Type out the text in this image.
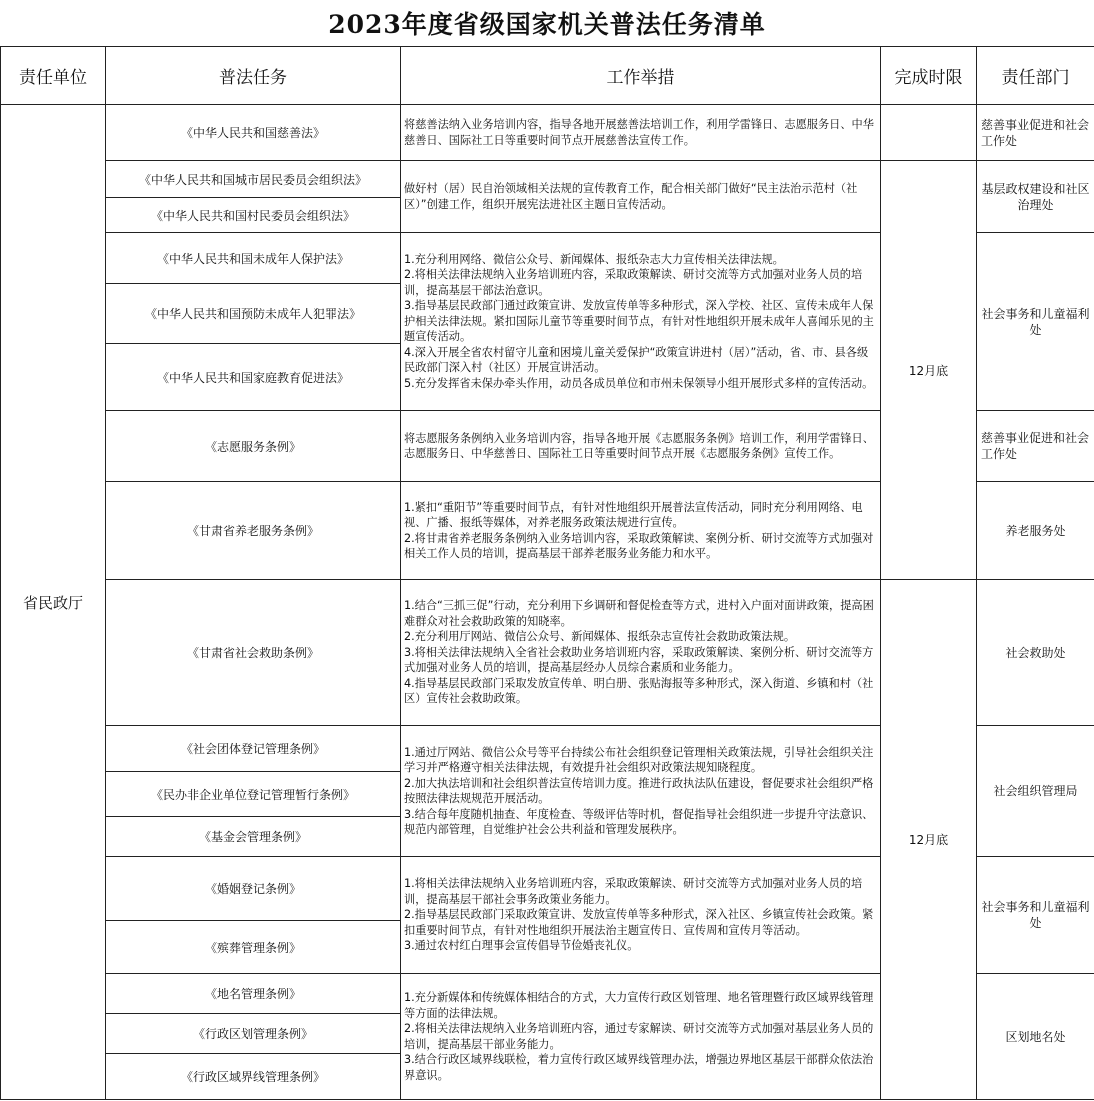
2023年度省级国家机关普法任务清单
责任单位	普法任务	工作举措	完成时限	责任部门
省民政厅	《中华人民共和国慈善法》	将慈善法纳入业务培训内容，指导各地开展慈善法培训工作，利用学雷锋日、志愿服务日、中华慈善日、国际社工日等重要时间节点开展慈善法宣传工作。		慈善事业促进和社会工作处
	《中华人民共和国城市居民委员会组织法》	做好村（居）民自治领域相关法规的宣传教育工作，配合相关部门做好“民主法治示范村（社区）”创建工作，组织开展宪法进社区主题日宣传活动。	12月底	基层政权建设和社区治理处
	《中华人民共和国村民委员会组织法》			
	《中华人民共和国未成年人保护法》	1.充分利用网络、微信公众号、新闻媒体、报纸杂志大力宣传相关法律法规。
2.将相关法律法规纳入业务培训班内容，采取政策解读、研讨交流等方式加强对业务人员的培训，提高基层干部法治意识。
3.指导基层民政部门通过政策宣讲、发放宣传单等多种形式，深入学校、社区、宣传未成年人保护相关法律法规。紧扣国际儿童节等重要时间节点，有针对性地组织开展未成年人喜闻乐见的主题宣传活动。
4.深入开展全省农村留守儿童和困境儿童关爱保护“政策宣讲进村（居）”活动，省、市、县各级民政部门深入村（社区）开展宣讲活动。
5.充分发挥省未保办牵头作用，动员各成员单位和市州未保领导小组开展形式多样的宣传活动。		社会事务和儿童福利处
	《中华人民共和国预防未成年人犯罪法》			
	《中华人民共和国家庭教育促进法》			
	《志愿服务条例》	将志愿服务条例纳入业务培训内容，指导各地开展《志愿服务条例》培训工作，利用学雷锋日、志愿服务日、中华慈善日、国际社工日等重要时间节点开展《志愿服务条例》宣传工作。		慈善事业促进和社会工作处
	《甘肃省养老服务条例》	1.紧扣“重阳节”等重要时间节点，有针对性地组织开展普法宣传活动，同时充分利用网络、电视、广播、报纸等媒体，对养老服务政策法规进行宣传。
2.将甘肃省养老服务条例纳入业务培训内容，采取政策解读、案例分析、研讨交流等方式加强对相关工作人员的培训，提高基层干部养老服务业务能力和水平。		养老服务处
	《甘肃省社会救助条例》	1.结合“三抓三促”行动，充分利用下乡调研和督促检查等方式，进村入户面对面讲政策，提高困难群众对社会救助政策的知晓率。
2.充分利用厅网站、微信公众号、新闻媒体、报纸杂志宣传社会救助政策法规。
3.将相关法律法规纳入全省社会救助业务培训班内容，采取政策解读、案例分析、研讨交流等方式加强对业务人员的培训，提高基层经办人员综合素质和业务能力。
4.指导基层民政部门采取发放宣传单、明白册、张贴海报等多种形式，深入街道、乡镇和村（社区）宣传社会救助政策。	12月底	社会救助处
	《社会团体登记管理条例》	1.通过厅网站、微信公众号等平台持续公布社会组织登记管理相关政策法规，引导社会组织关注学习并严格遵守相关法律法规，有效提升社会组织对政策法规知晓程度。
2.加大执法培训和社会组织普法宣传培训力度。推进行政执法队伍建设，督促要求社会组织严格按照法律法规规范开展活动。
3.结合每年度随机抽查、年度检查、等级评估等时机，督促指导社会组织进一步提升守法意识、规范内部管理，自觉维护社会公共利益和管理发展秩序。		社会组织管理局
	《民办非企业单位登记管理暂行条例》			
	《基金会管理条例》			
	《婚姻登记条例》	1.将相关法律法规纳入业务培训班内容，采取政策解读、研讨交流等方式加强对业务人员的培训，提高基层干部社会事务政策业务能力。
2.指导基层民政部门采取政策宣讲、发放宣传单等多种形式，深入社区、乡镇宣传社会政策。紧扣重要时间节点，有针对性地组织开展法治主题宣传日、宣传周和宣传月等活动。
3.通过农村红白理事会宣传倡导节俭婚丧礼仪。		社会事务和儿童福利处
	《殡葬管理条例》			
	《地名管理条例》	1.充分新媒体和传统媒体相结合的方式，大力宣传行政区划管理、地名管理暨行政区域界线管理等方面的法律法规。
2.将相关法律法规纳入业务培训班内容，通过专家解读、研讨交流等方式加强对基层业务人员的培训，提高基层干部业务能力。
3.结合行政区域界线联检，着力宣传行政区域界线管理办法，增强边界地区基层干部群众依法治界意识。		区划地名处
	《行政区划管理条例》			
	《行政区域界线管理条例》			
